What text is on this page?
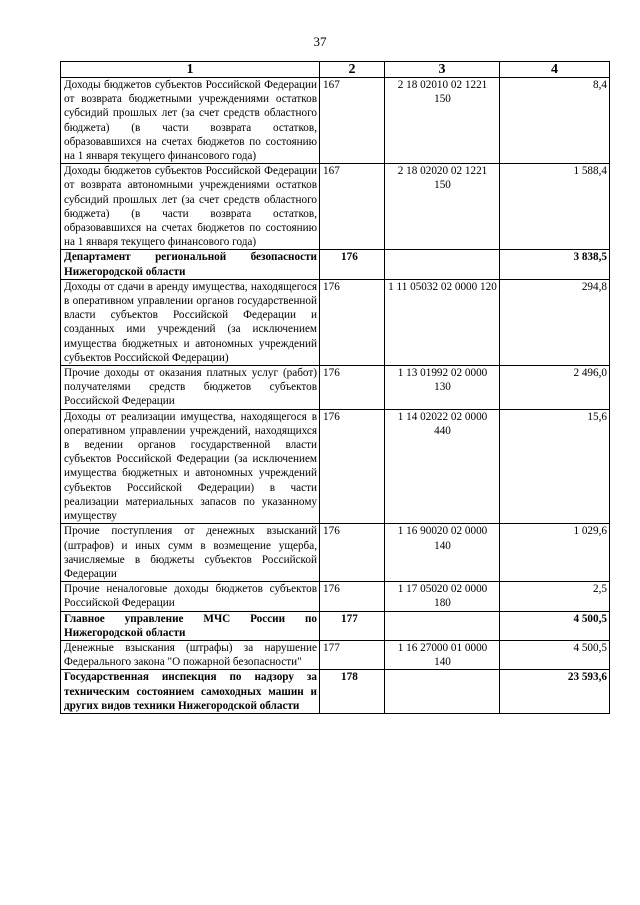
37
1	2	3	4
Доходы бюджетов субъектов Российской Федерации от возврата бюджетными учреждениями остатков субсидий прошлых лет (за счет средств областного бюджета) (в части возврата остатков, образовавшихся на счетах бюджетов по состоянию на 1 января текущего финансового года)	167	2 18 02010 02 1221 150	8,4
Доходы бюджетов субъектов Российской Федерации от возврата автономными учреждениями остатков субсидий прошлых лет (за счет средств областного бюджета) (в части возврата остатков, образовавшихся на счетах бюджетов по состоянию на 1 января текущего финансового года)	167	2 18 02020 02 1221 150	1 588,4
Департамент региональной безопасности Нижегородской области	176		3 838,5
Доходы от сдачи в аренду имущества, находящегося в оперативном управлении органов государственной власти субъектов Российской Федерации и созданных ими учреждений (за исключением имущества бюджетных и автономных учреждений субъектов Российской Федерации)	176	1 11 05032 02 0000 120	294,8
Прочие доходы от оказания платных услуг (работ) получателями средств бюджетов субъектов Российской Федерации	176	1 13 01992 02 0000 130	2 496,0
Доходы от реализации имущества, находящегося в оперативном управлении учреждений, находящихся в ведении органов государственной власти субъектов Российской Федерации (за исключением имущества бюджетных и автономных учреждений субъектов Российской Федерации) в части реализации материальных запасов по указанному имуществу	176	1 14 02022 02 0000 440	15,6
Прочие поступления от денежных взысканий (штрафов) и иных сумм в возмещение ущерба, зачисляемые в бюджеты субъектов Российской Федерации	176	1 16 90020 02 0000 140	1 029,6
Прочие неналоговые доходы бюджетов субъектов Российской Федерации	176	1 17 05020 02 0000 180	2,5
Главное управление МЧС России по Нижегородской области	177		4 500,5
Денежные взыскания (штрафы) за нарушение Федерального закона "О пожарной безопасности"	177	1 16 27000 01 0000 140	4 500,5
Государственная инспекция по надзору за техническим состоянием самоходных машин и других видов техники Нижегородской области	178		23 593,6
